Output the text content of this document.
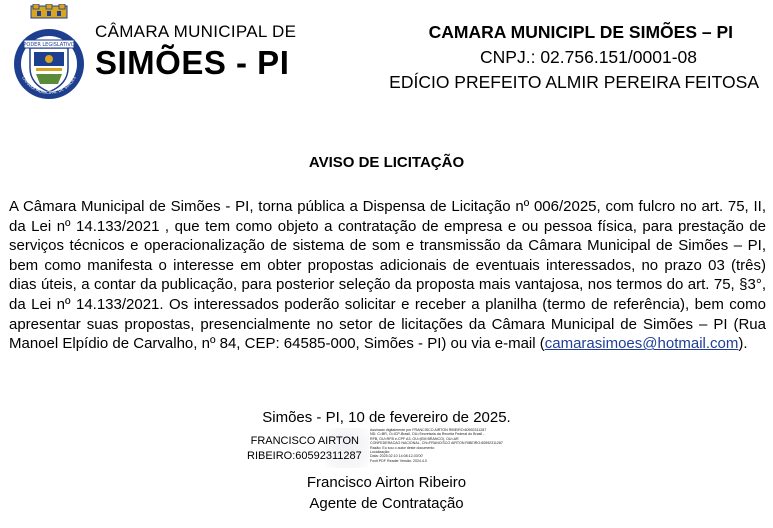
PODER LEGISLATIVO
CÂMARA MUNICIPAL DE SIMÕES
CÂMARA MUNICIPAL DE
SIMÕES - PI
CAMARA MUNICIPL DE SIMÕES – PI
CNPJ.: 02.756.151/0001-08
EDÍCIO PREFEITO ALMIR PEREIRA FEITOSA
AVISO DE LICITAÇÃO

A Câmara Municipal de Simões - PI, torna pública a Dispensa de Licitação nº 006/2025, com fulcro no art. 75, II, da Lei nº 14.133/2021 , que tem como objeto a contratação de empresa e ou pessoa física, para prestação de serviços técnicos e operacionalização de sistema de som e transmissão da Câmara Municipal de Simões – PI, bem como manifesta o interesse em obter propostas adicionais de eventuais interessados, no prazo 03 (três) dias úteis, a contar da publicação, para posterior seleção da proposta mais vantajosa, nos termos do art. 75, §3°, da Lei nº 14.133/2021. Os interessados poderão solicitar e receber a planilha (termo de referência), bem como apresentar suas propostas, presencialmente no setor de licitações da Câmara Municipal de Simões – PI (Rua Manoel Elpídio de Carvalho, nº 84, CEP: 64585-000, Simões - PI) ou via e-mail (camarasimoes@hotmail.com).

Simões - PI, 10 de fevereiro de 2025.
FRANCISCO AIRTON
RIBEIRO:60592311287
Assinado digitalmente por FRANCISCO AIRTON RIBEIRO:60592311287
ND: C=BR, O=ICP-Brasil, OU=Secretaria da Receita Federal do Brasil -
RFB, OU=RFB e-CPF A3, OU=(EM BRANCO), OU=AR
CONFEDERACAO NACIONAL, CN=FRANCISCO AIRTON RIBEIRO:60592311287
Razão: Eu sou o autor deste documento
Localização:
Data: 2025.02.10 14:08:12-03'00'
Foxit PDF Reader Versão: 2024.4.0
Francisco Airton Ribeiro
Agente de Contratação
